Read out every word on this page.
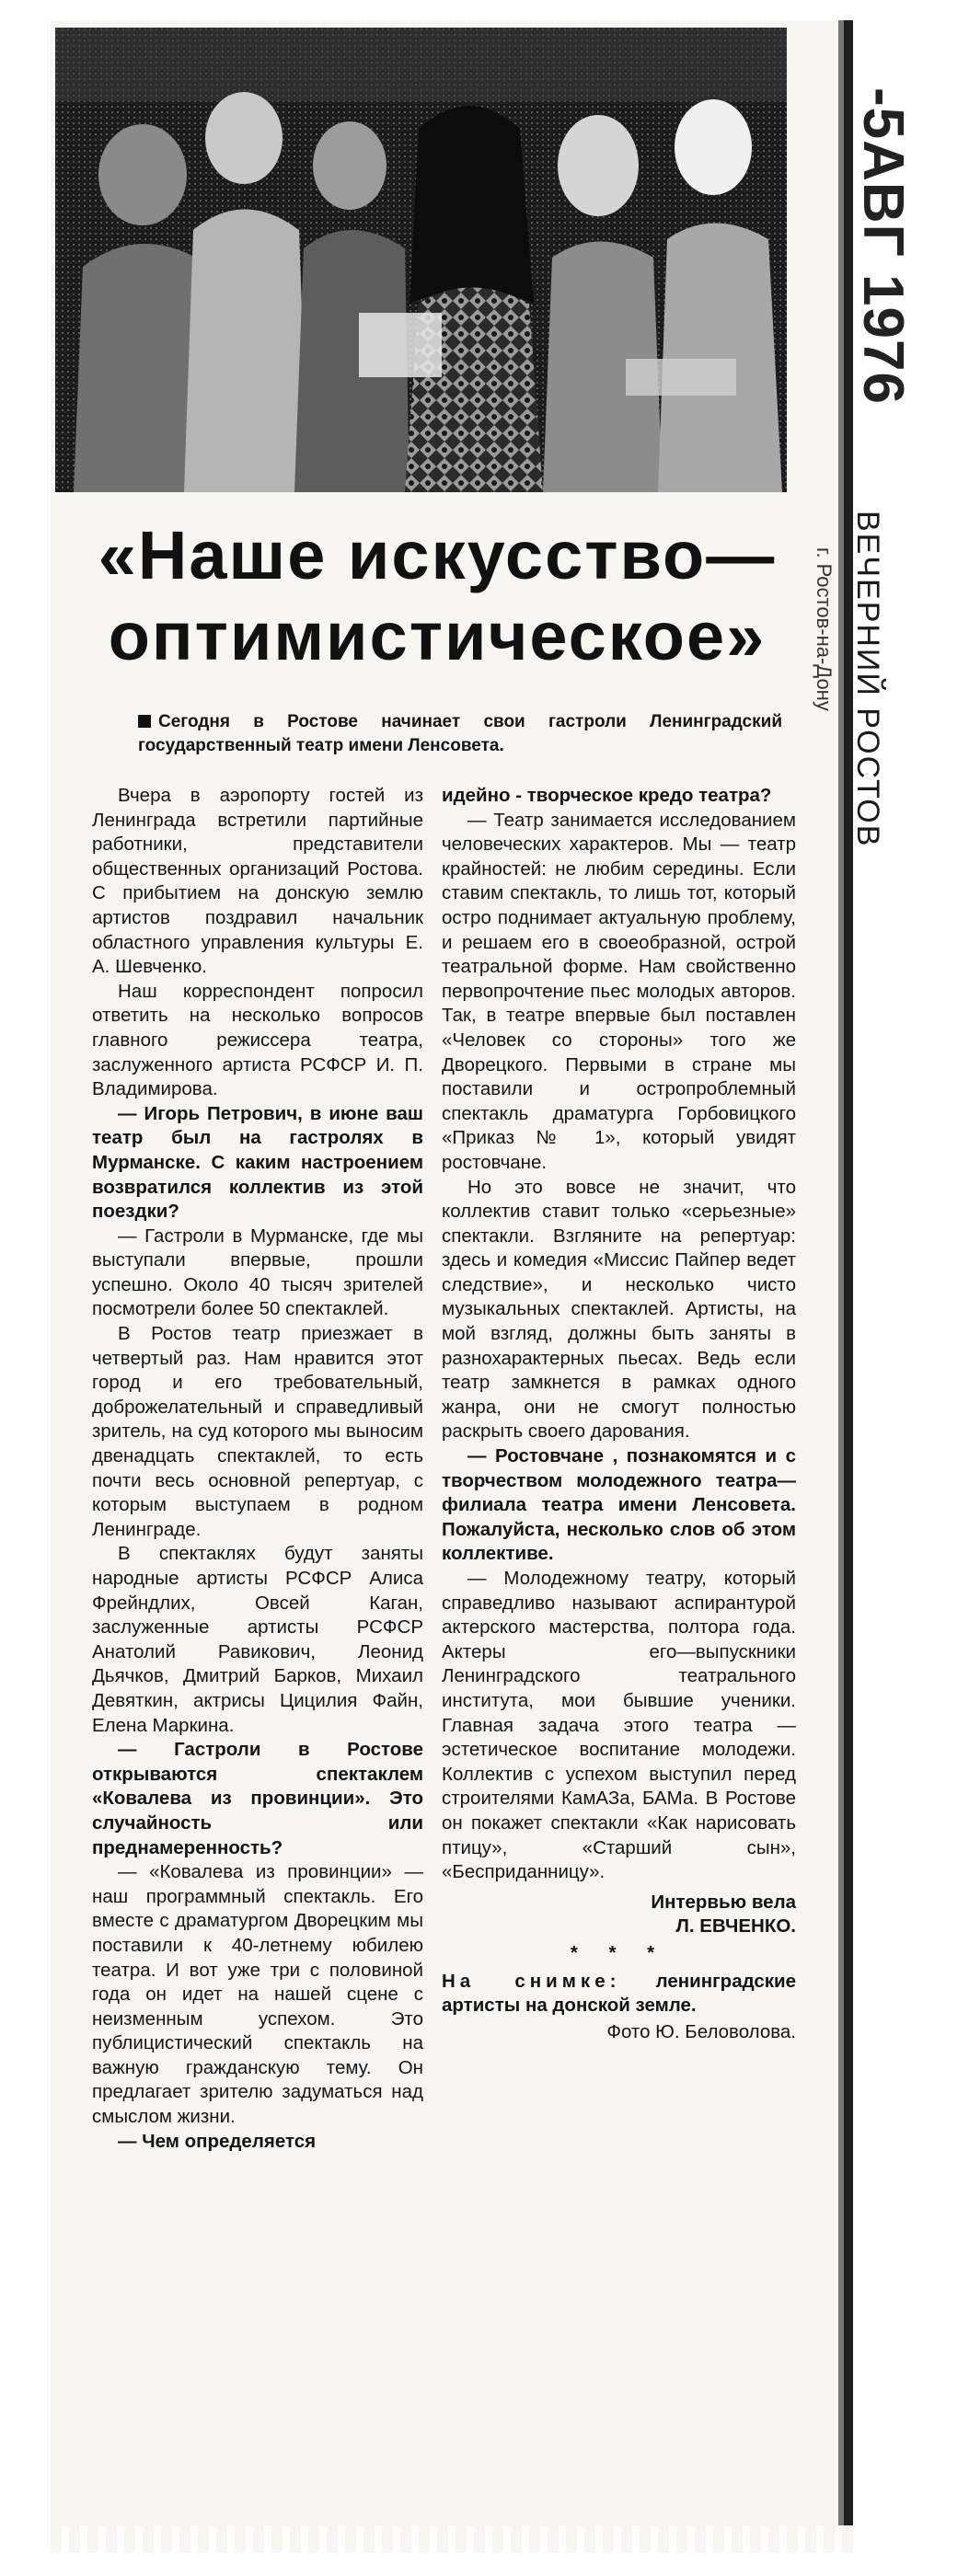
-5АВГ 1976
ВЕЧЕРНИЙ РОСТОВ
г. Ростов-на-Дону
«Наше искусство—
оптимистическое»
Сегодня в Ростове начинает свои гастроли Ленинградский государственный театр имени Ленсовета.

Вчера в аэропорту гостей из Ленинграда встретили партийные работники, представители общественных организаций Ростова. С прибытием на донскую землю артистов поздравил начальник областного управления культуры Е. А. Шевченко.

Наш корреспондент попросил ответить на несколько вопросов главного режиссера театра, заслуженного артиста РСФСР И. П. Владимирова.

— Игорь Петрович, в июне ваш театр был на гастролях в Мурманске. С каким настроением возвратился коллектив из этой поездки?

— Гастроли в Мурманске, где мы выступали впервые, прошли успешно. Около 40 тысяч зрителей посмотрели более 50 спектаклей.

В Ростов театр приезжает в четвертый раз. Нам нравится этот город и его требовательный, доброжелательный и справедливый зритель, на суд которого мы выносим двенадцать спектаклей, то есть почти весь основной репертуар, с которым выступаем в родном Ленинграде.

В спектаклях будут заняты народные артисты РСФСР Алиса Фрейндлих, Овсей Каган, заслуженные артисты РСФСР Анатолий Равикович, Леонид Дьячков, Дмитрий Барков, Михаил Девяткин, актрисы Цицилия Файн, Елена Маркина.

— Гастроли в Ростове открываются спектаклем «Ковалева из провинции». Это случайность или преднамеренность?

— «Ковалева из провинции» — наш программный спектакль. Его вместе с драматургом Дворецким мы поставили к 40-летнему юбилею театра. И вот уже три с половиной года он идет на нашей сцене с неизменным успехом. Это публицистический спектакль на важную гражданскую тему. Он предлагает зрителю задуматься над смыслом жизни.

— Чем определяется

идейно - творческое кредо театра?

— Театр занимается исследованием человеческих характеров. Мы — театр крайностей: не любим середины. Если ставим спектакль, то лишь тот, который остро поднимает актуальную проблему, и решаем его в своеобразной, острой театральной форме. Нам свойственно первопрочтение пьес молодых авторов. Так, в театре впервые был поставлен «Человек со стороны» того же Дворецкого. Первыми в стране мы поставили и остропроблемный спектакль драматурга Горбовицкого «Приказ № 1», который увидят ростовчане.

Но это вовсе не значит, что коллектив ставит только «серьезные» спектакли. Взгляните на репертуар: здесь и комедия «Миссис Пайпер ведет следствие», и несколько чисто музыкальных спектаклей. Артисты, на мой взгляд, должны быть заняты в разнохарактерных пьесах. Ведь если театр замкнется в рамках одного жанра, они не смогут полностью раскрыть своего дарования.

— Ростовчане , познакомятся и с творчеством молодежного театра—филиала театра имени Ленсовета. Пожалуйста, несколько слов об этом коллективе.

— Молодежному театру, который справедливо называют аспирантурой актерского мастерства, полтора года. Актеры его—выпускники Ленинградского театрального института, мои бывшие ученики. Главная задача этого театра — эстетическое воспитание молодежи. Коллектив с успехом выступил перед строителями КамАЗа, БАМа. В Ростове он покажет спектакли «Как нарисовать птицу», «Старший сын», «Бесприданницу».

Интервью вела
Л. ЕВЧЕНКО.
* * *

На снимке: ленинградские артисты на донской земле.

Фото Ю. Беловолова.
